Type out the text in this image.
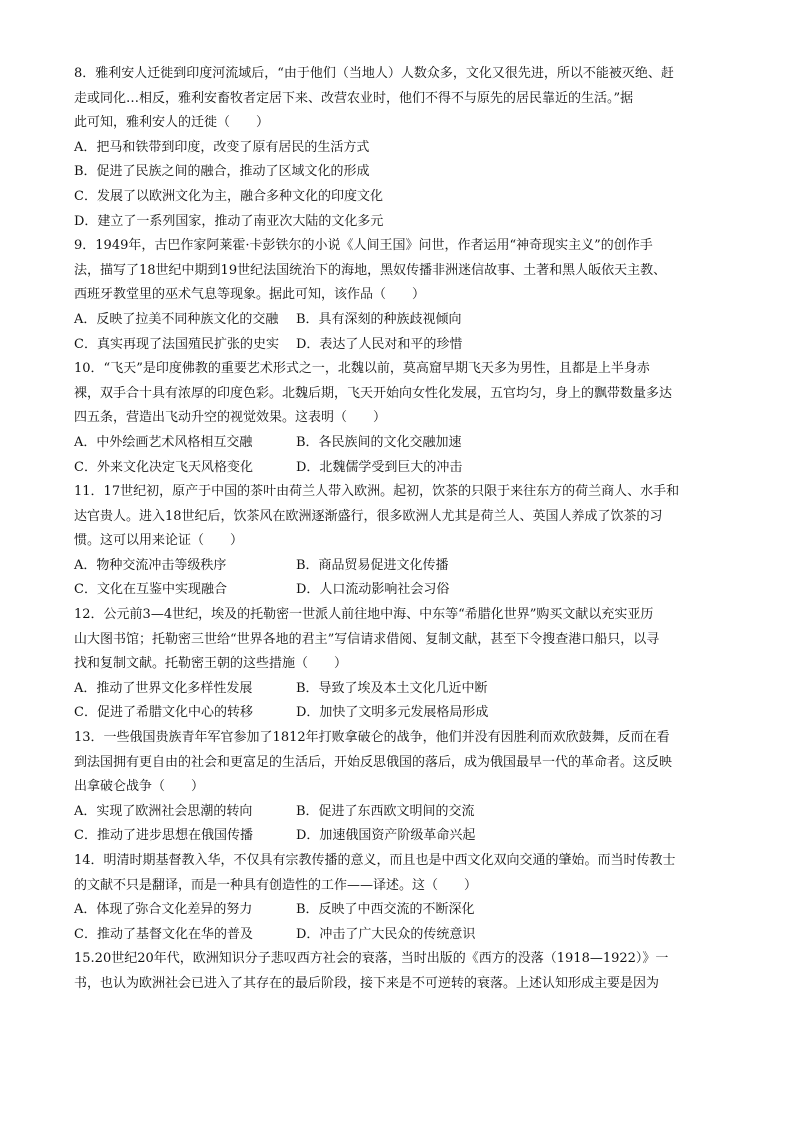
8．雅利安人迁徙到印度河流域后，“由于他们（当地人）人数众多，文化又很先进，所以不能被灭绝、赶
走或同化…相反，雅利安畜牧者定居下来、改营农业时，他们不得不与原先的居民靠近的生活。”据
此可知，雅利安人的迁徙（　　）
A．把马和铁带到印度，改变了原有居民的生活方式
B．促进了民族之间的融合，推动了区域文化的形成
C．发展了以欧洲文化为主，融合多种文化的印度文化
D．建立了一系列国家，推动了南亚次大陆的文化多元
9．1949年，古巴作家阿莱霍·卡彭铁尔的小说《人间王国》问世，作者运用“神奇现实主义”的创作手
法，描写了18世纪中期到19世纪法国统治下的海地，黑奴传播非洲迷信故事、土著和黑人皈依天主教、
西班牙教堂里的巫术气息等现象。据此可知，该作品（　　）
A．反映了拉美不同种族文化的交融	B．具有深刻的种族歧视倾向
C．真实再现了法国殖民扩张的史实	D．表达了人民对和平的珍惜
10．“飞天”是印度佛教的重要艺术形式之一，北魏以前，莫高窟早期飞天多为男性，且都是上半身赤
裸，双手合十具有浓厚的印度色彩。北魏后期，飞天开始向女性化发展，五官均匀，身上的飘带数量多达
四五条，营造出飞动升空的视觉效果。这表明（　　）
A．中外绘画艺术风格相互交融	B．各民族间的文化交融加速
C．外来文化决定飞天风格变化	D．北魏儒学受到巨大的冲击
11．17世纪初，原产于中国的茶叶由荷兰人带入欧洲。起初，饮茶的只限于来往东方的荷兰商人、水手和
达官贵人。进入18世纪后，饮茶风在欧洲逐渐盛行，很多欧洲人尤其是荷兰人、英国人养成了饮茶的习
惯。这可以用来论证（　　）
A．物种交流冲击等级秩序	B．商品贸易促进文化传播
C．文化在互鉴中实现融合	D．人口流动影响社会习俗
12．公元前3—4世纪，埃及的托勒密一世派人前往地中海、中东等“希腊化世界”购买文献以充实亚历
山大图书馆；托勒密三世给“世界各地的君主”写信请求借阅、复制文献，甚至下令搜查港口船只，以寻
找和复制文献。托勒密王朝的这些措施（　　）
A．推动了世界文化多样性发展	B．导致了埃及本土文化几近中断
C．促进了希腊文化中心的转移	D．加快了文明多元发展格局形成
13．一些俄国贵族青年军官参加了1812年打败拿破仑的战争，他们并没有因胜利而欢欣鼓舞，反而在看
到法国拥有更自由的社会和更富足的生活后，开始反思俄国的落后，成为俄国最早一代的革命者。这反映
出拿破仑战争（　　）
A．实现了欧洲社会思潮的转向	B．促进了东西欧文明间的交流
C．推动了进步思想在俄国传播	D．加速俄国资产阶级革命兴起
14．明清时期基督教入华，不仅具有宗教传播的意义，而且也是中西文化双向交通的肇始。而当时传教士
的文献不只是翻译，而是一种具有创造性的工作——译述。这（　　）
A．体现了弥合文化差异的努力	B．反映了中西交流的不断深化
C．推动了基督文化在华的普及	D．冲击了广大民众的传统意识
15.20世纪20年代，欧洲知识分子悲叹西方社会的衰落，当时出版的《西方的没落（1918—1922）》一
书，也认为欧洲社会已进入了其存在的最后阶段，接下来是不可逆转的衰落。上述认知形成主要是因为
